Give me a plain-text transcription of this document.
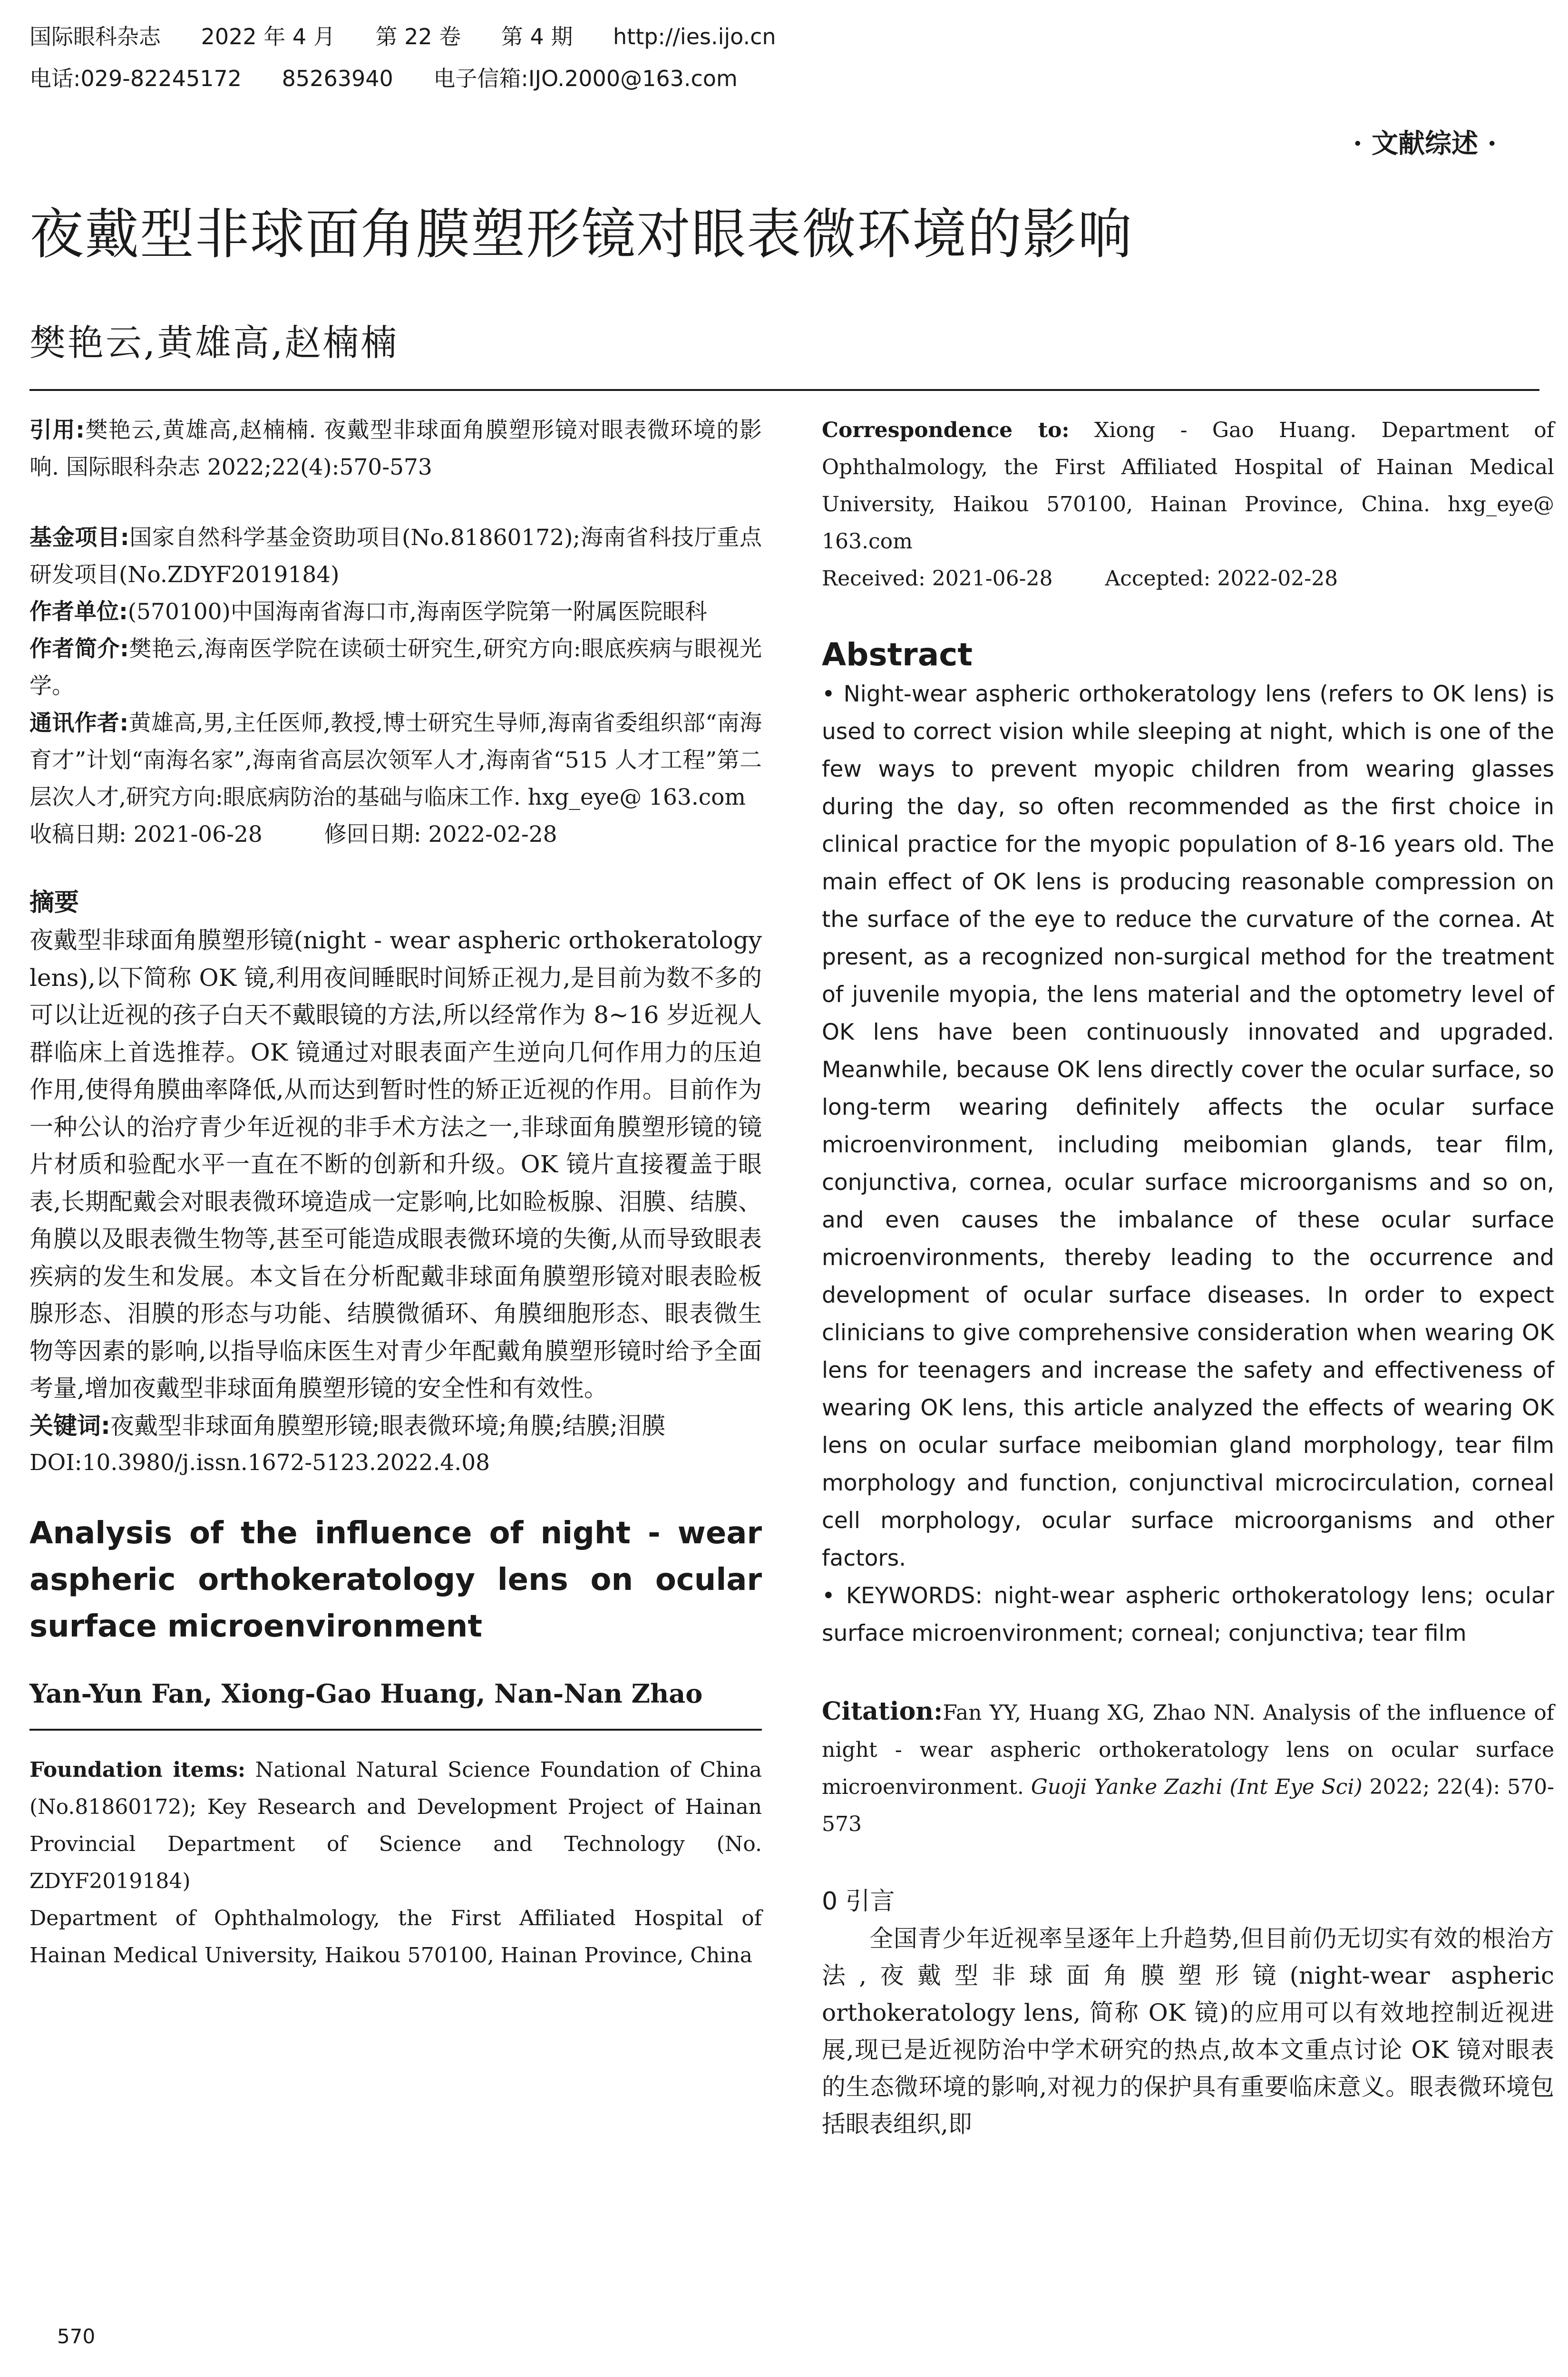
国际眼科杂志 2022 年 4 月 第 22 卷 第 4 期 http://ies.ijo.cn
电话:029-82245172 85263940 电子信箱:IJO.2000@163.com
· 文献综述 ·
夜戴型非球面角膜塑形镜对眼表微环境的影响
樊艳云,黄雄高,赵楠楠
引用:樊艳云,黄雄高,赵楠楠. 夜戴型非球面角膜塑形镜对眼表微环境的影响. 国际眼科杂志 2022;22(4):570-573
基金项目:国家自然科学基金资助项目(No.81860172);海南省科技厅重点研发项目(No.ZDYF2019184)
作者单位:(570100)中国海南省海口市,海南医学院第一附属医院眼科
作者简介:樊艳云,海南医学院在读硕士研究生,研究方向:眼底疾病与眼视光学。
通讯作者:黄雄高,男,主任医师,教授,博士研究生导师,海南省委组织部“南海育才”计划“南海名家”,海南省高层次领军人才,海南省“515 人才工程”第二层次人才,研究方向:眼底病防治的基础与临床工作. hxg_eye@ 163.com
收稿日期: 2021-06-28	修回日期: 2022-02-28
摘要
夜戴型非球面角膜塑形镜(night - wear aspheric orthokeratology lens),以下简称 OK 镜,利用夜间睡眠时间矫正视力,是目前为数不多的可以让近视的孩子白天不戴眼镜的方法,所以经常作为 8~16 岁近视人群临床上首选推荐。OK 镜通过对眼表面产生逆向几何作用力的压迫作用,使得角膜曲率降低,从而达到暂时性的矫正近视的作用。目前作为一种公认的治疗青少年近视的非手术方法之一,非球面角膜塑形镜的镜片材质和验配水平一直在不断的创新和升级。OK 镜片直接覆盖于眼表,长期配戴会对眼表微环境造成一定影响,比如睑板腺、泪膜、结膜、角膜以及眼表微生物等,甚至可能造成眼表微环境的失衡,从而导致眼表疾病的发生和发展。本文旨在分析配戴非球面角膜塑形镜对眼表睑板腺形态、泪膜的形态与功能、结膜微循环、角膜细胞形态、眼表微生物等因素的影响,以指导临床医生对青少年配戴角膜塑形镜时给予全面考量,增加夜戴型非球面角膜塑形镜的安全性和有效性。
关键词:夜戴型非球面角膜塑形镜;眼表微环境;角膜;结膜;泪膜
DOI:10.3980/j.issn.1672-5123.2022.4.08
Analysis of the influence of night - wear aspheric orthokeratology lens on ocular surface microenvironment
Yan-Yun Fan, Xiong-Gao Huang, Nan-Nan Zhao
Foundation items: National Natural Science Foundation of China (No.81860172); Key Research and Development Project of Hainan Provincial Department of Science and Technology (No. ZDYF2019184)
Department of Ophthalmology, the First Affiliated Hospital of Hainan Medical University, Haikou 570100, Hainan Province, China
Correspondence to: Xiong - Gao Huang. Department of Ophthalmology, the First Affiliated Hospital of Hainan Medical University, Haikou 570100, Hainan Province, China. hxg_eye@ 163.com
Received: 2021-06-28	Accepted: 2022-02-28
Abstract
• Night-wear aspheric orthokeratology lens (refers to OK lens) is used to correct vision while sleeping at night, which is one of the few ways to prevent myopic children from wearing glasses during the day, so often recommended as the first choice in clinical practice for the myopic population of 8-16 years old. The main effect of OK lens is producing reasonable compression on the surface of the eye to reduce the curvature of the cornea. At present, as a recognized non-surgical method for the treatment of juvenile myopia, the lens material and the optometry level of OK lens have been continuously innovated and upgraded. Meanwhile, because OK lens directly cover the ocular surface, so long-term wearing definitely affects the ocular surface microenvironment, including meibomian glands, tear film, conjunctiva, cornea, ocular surface microorganisms and so on, and even causes the imbalance of these ocular surface microenvironments, thereby leading to the occurrence and development of ocular surface diseases. In order to expect clinicians to give comprehensive consideration when wearing OK lens for teenagers and increase the safety and effectiveness of wearing OK lens, this article analyzed the effects of wearing OK lens on ocular surface meibomian gland morphology, tear film morphology and function, conjunctival microcirculation, corneal cell morphology, ocular surface microorganisms and other factors.
• KEYWORDS: night-wear aspheric orthokeratology lens; ocular surface microenvironment; corneal; conjunctiva; tear film
Citation:Fan YY, Huang XG, Zhao NN. Analysis of the influence of night - wear aspheric orthokeratology lens on ocular surface microenvironment. Guoji Yanke Zazhi (Int Eye Sci) 2022; 22(4): 570-573
0 引言
全国青少年近视率呈逐年上升趋势,但目前仍无切实有效的根治方法,夜戴型非球面角膜塑形镜(night-wear aspheric orthokeratology lens, 简称 OK 镜)的应用可以有效地控制近视进展,现已是近视防治中学术研究的热点,故本文重点讨论 OK 镜对眼表的生态微环境的影响,对视力的保护具有重要临床意义。眼表微环境包括眼表组织,即
570
